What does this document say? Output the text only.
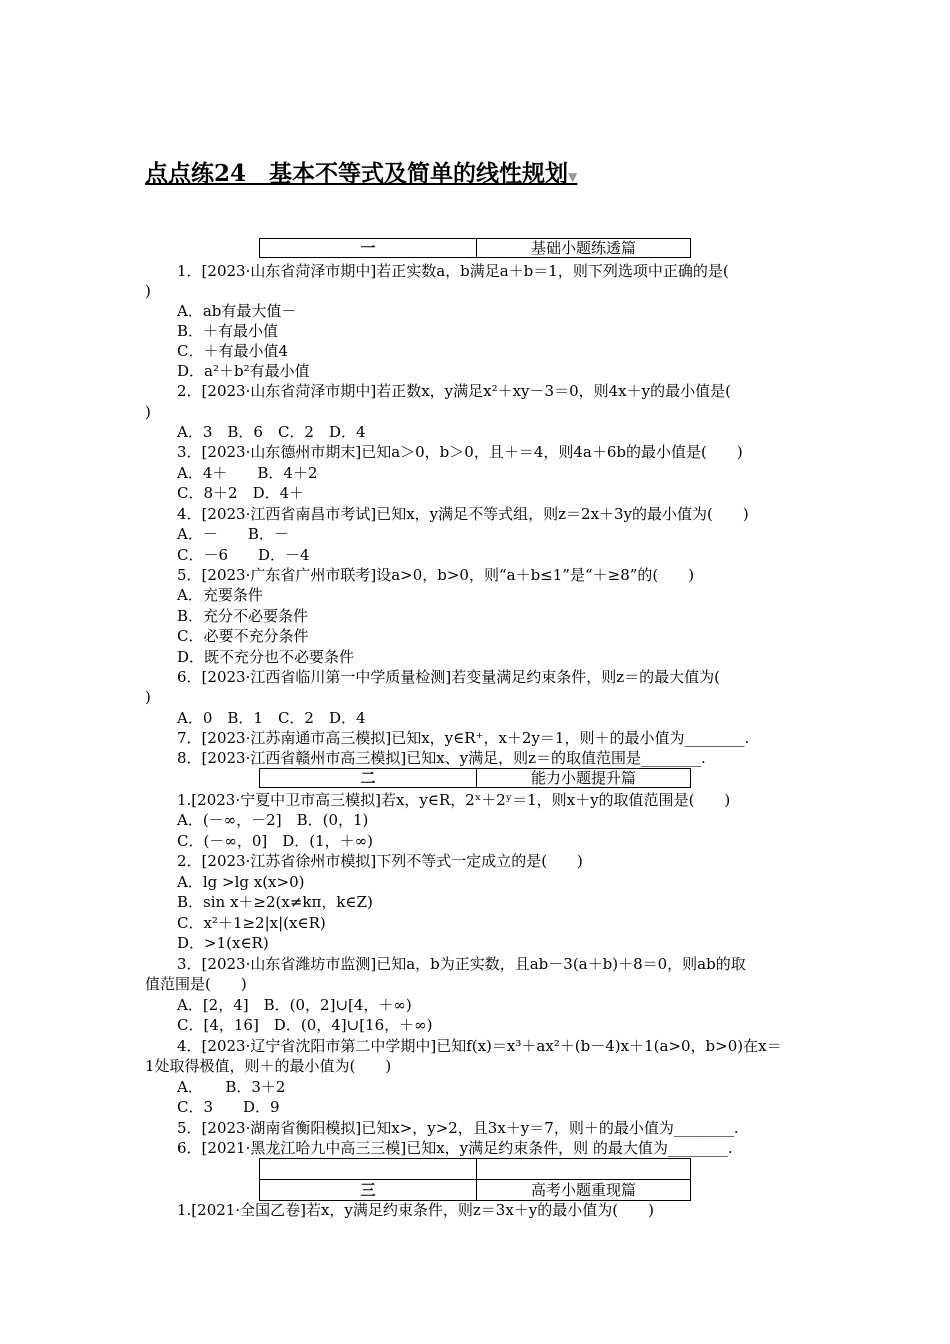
点点练24　基本不等式及简单的线性规划▼
一	基础小题练透篇
1．[2023·山东省菏泽市期中]若正实数a，b满足a＋b＝1，则下列选项中正确的是(
)
A．ab有最大值－
B．＋有最小值
C．＋有最小值4
D．a²＋b²有最小值
2．[2023·山东省菏泽市期中]若正数x，y满足x²＋xy－3＝0，则4x＋y的最小值是(
)
A．3　B．6　C．2　D．4
3．[2023·山东德州市期末]已知a＞0，b＞0，且＋＝4，则4a＋6b的最小值是(　　)
A．4＋　　B．4＋2
C．8＋2　D．4＋
4．[2023·江西省南昌市考试]已知x，y满足不等式组，则z＝2x＋3y的最小值为(　　)
A．－　　B．－
C．－6　　D．－4
5．[2023·广东省广州市联考]设a>0，b>0，则“a＋b≤1”是“＋≥8”的(　　)
A．充要条件
B．充分不必要条件
C．必要不充分条件
D．既不充分也不必要条件
6．[2023·江西省临川第一中学质量检测]若变量满足约束条件，则z＝的最大值为(
)
A．0　B．1　C．2　D．4
7．[2023·江苏南通市高三模拟]已知x，y∈R⁺，x＋2y＝1，则＋的最小值为________.
8．[2023·江西省赣州市高三模拟]已知x、y满足，则z＝的取值范围是________.
二	能力小题提升篇
1.[2023·宁夏中卫市高三模拟]若x，y∈R，2ˣ＋2ʸ＝1，则x＋y的取值范围是(　　)
A．(－∞，－2]　B．(0，1)
C．(－∞，0]　D．(1，＋∞)
2．[2023·江苏省徐州市模拟]下列不等式一定成立的是(　　)
A．lg >lg x(x>0)
B．sin x＋≥2(x≠kπ，k∈Z)
C．x²＋1≥2|x|(x∈R)
D．>1(x∈R)
3．[2023·山东省潍坊市监测]已知a，b为正实数，且ab－3(a＋b)＋8＝0，则ab的取
值范围是(　　)
A．[2，4]　B．(0，2]∪[4，＋∞)
C．[4，16]　D．(0，4]∪[16，＋∞)
4．[2023·辽宁省沈阳市第二中学期中]已知f(x)＝x³＋ax²＋(b－4)x＋1(a>0，b>0)在x＝
1处取得极值，则＋的最小值为(　　)
A．　　B．3＋2
C．3　　D．9
5．[2023·湖南省衡阳模拟]已知x>，y>2，且3x＋y＝7，则＋的最小值为________.
6．[2021·黑龙江哈九中高三三模]已知x，y满足约束条件，则 的最大值为________.

三	高考小题重现篇
1.[2021·全国乙卷]若x，y满足约束条件，则z＝3x＋y的最小值为(　　)
